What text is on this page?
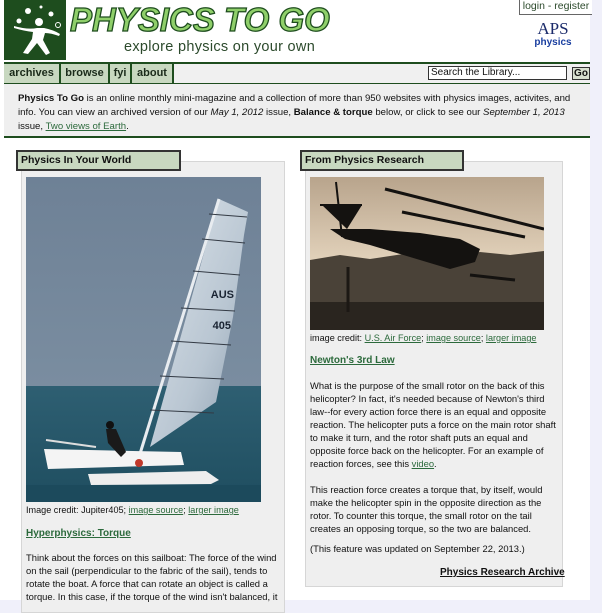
PHYSICS TO GO
explore physics on your own
login - register
APS
physics
archives	browse fyi about
Search the Library...	Go

Physics To Go is an online monthly mini-magazine and a collection of more than 950 websites with physics images, activites, and info. You can view an archived version of our May 1, 2012 issue, Balance & torque below, or click to see our September 1, 2013 issue, Two views of Earth.

Physics In Your World
AUS
405
Image credit: Jupiter405; image source; larger image
Hyperphysics: Torque

Think about the forces on this sailboat: The force of the wind on the sail (perpendicular to the fabric of the sail), tends to rotate the boat. A force that can rotate an object is called a torque. In this case, if the torque of the wind isn't balanced, it

From Physics Research
image credit: U.S. Air Force; image source; larger image
Newton's 3rd Law

What is the purpose of the small rotor on the back of this helicopter? In fact, it's needed because of Newton's third law--for every action force there is an equal and opposite reaction. The helicopter puts a force on the main rotor shaft to make it turn, and the rotor shaft puts an equal and opposite force back on the helicopter. For an example of reaction forces, see this video.

This reaction force creates a torque that, by itself, would make the helicopter spin in the opposite direction as the rotor. To counter this torque, the small rotor on the tail creates an opposing torque, so the two are balanced.

(This feature was updated on September 22, 2013.)

Physics Research Archive
